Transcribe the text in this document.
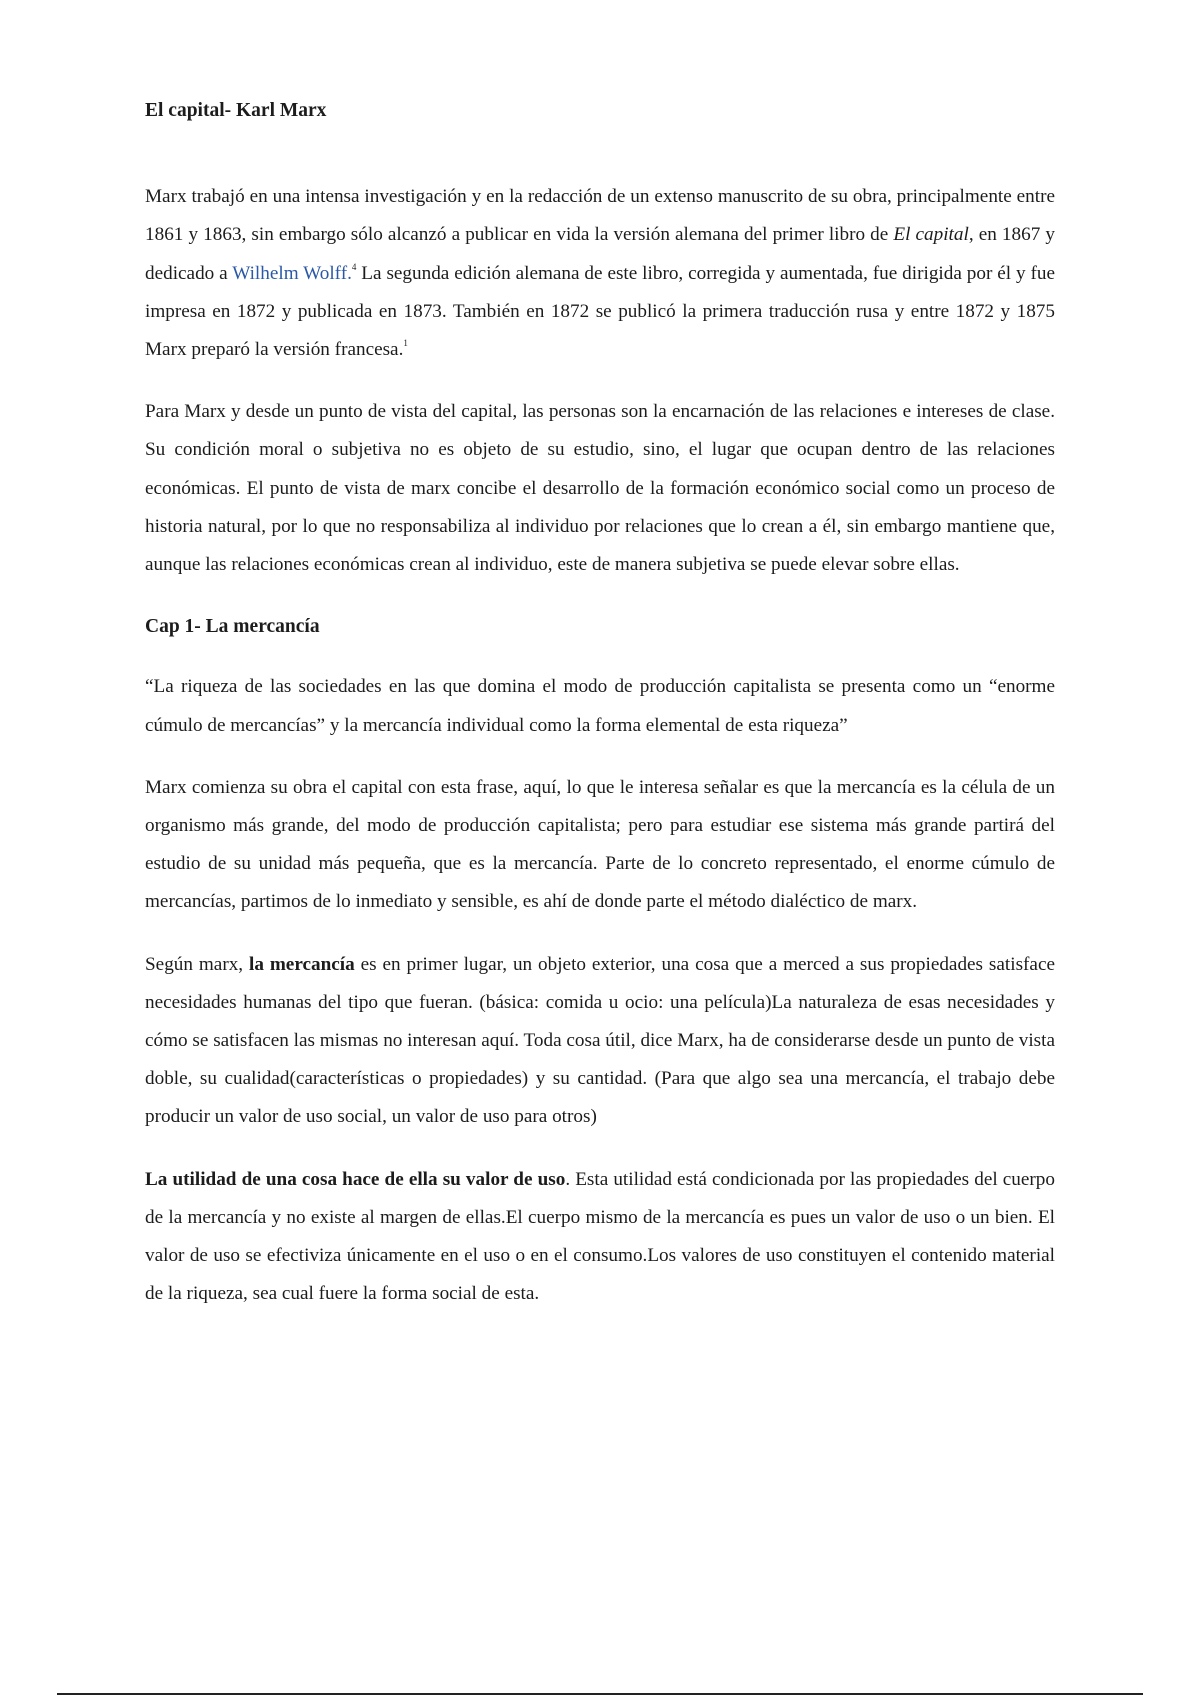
El capital- Karl Marx

Marx trabajó en una intensa investigación y en la redacción de un extenso manuscrito de su obra, principalmente entre 1861 y 1863, sin embargo sólo alcanzó a publicar en vida la versión alemana del primer libro de El capital, en 1867 y dedicado a Wilhelm Wolff.$^4$ La segunda edición alemana de este libro, corregida y aumentada, fue dirigida por él y fue impresa en 1872 y publicada en 1873. También en 1872 se publicó la primera traducción rusa y entre 1872 y 1875 Marx preparó la versión francesa.$^1$

Para Marx y desde un punto de vista del capital, las personas son la encarnación de las relaciones e intereses de clase. Su condición moral o subjetiva no es objeto de su estudio, sino, el lugar que ocupan dentro de las relaciones económicas. El punto de vista de marx concibe el desarrollo de la formación económico social como un proceso de historia natural, por lo que no responsabiliza al individuo por relaciones que lo crean a él, sin embargo mantiene que, aunque las relaciones económicas crean al individuo, este de manera subjetiva se puede elevar sobre ellas.

Cap 1- La mercancía

“La riqueza de las sociedades en las que domina el modo de producción capitalista se presenta como un “enorme cúmulo de mercancías” y la mercancía individual como la forma elemental de esta riqueza”

Marx comienza su obra el capital con esta frase, aquí, lo que le interesa señalar es que la mercancía es la célula de un organismo más grande, del modo de producción capitalista; pero para estudiar ese sistema más grande partirá del estudio de su unidad más pequeña, que es la mercancía. Parte de lo concreto representado, el enorme cúmulo de mercancías, partimos de lo inmediato y sensible, es ahí de donde parte el método dialéctico de marx.

Según marx, la mercancía es en primer lugar, un objeto exterior, una cosa que a merced a sus propiedades satisface necesidades humanas del tipo que fueran. (básica: comida u ocio: una película)La naturaleza de esas necesidades y cómo se satisfacen las mismas no interesan aquí. Toda cosa útil, dice Marx, ha de considerarse desde un punto de vista doble, su cualidad(características o propiedades) y su cantidad. (Para que algo sea una mercancía, el trabajo debe producir un valor de uso social, un valor de uso para otros)

La utilidad de una cosa hace de ella su valor de uso. Esta utilidad está condicionada por las propiedades del cuerpo de la mercancía y no existe al margen de ellas.El cuerpo mismo de la mercancía es pues un valor de uso o un bien. El valor de uso se efectiviza únicamente en el uso o en el consumo.Los valores de uso constituyen el contenido material de la riqueza, sea cual fuere la forma social de esta.
